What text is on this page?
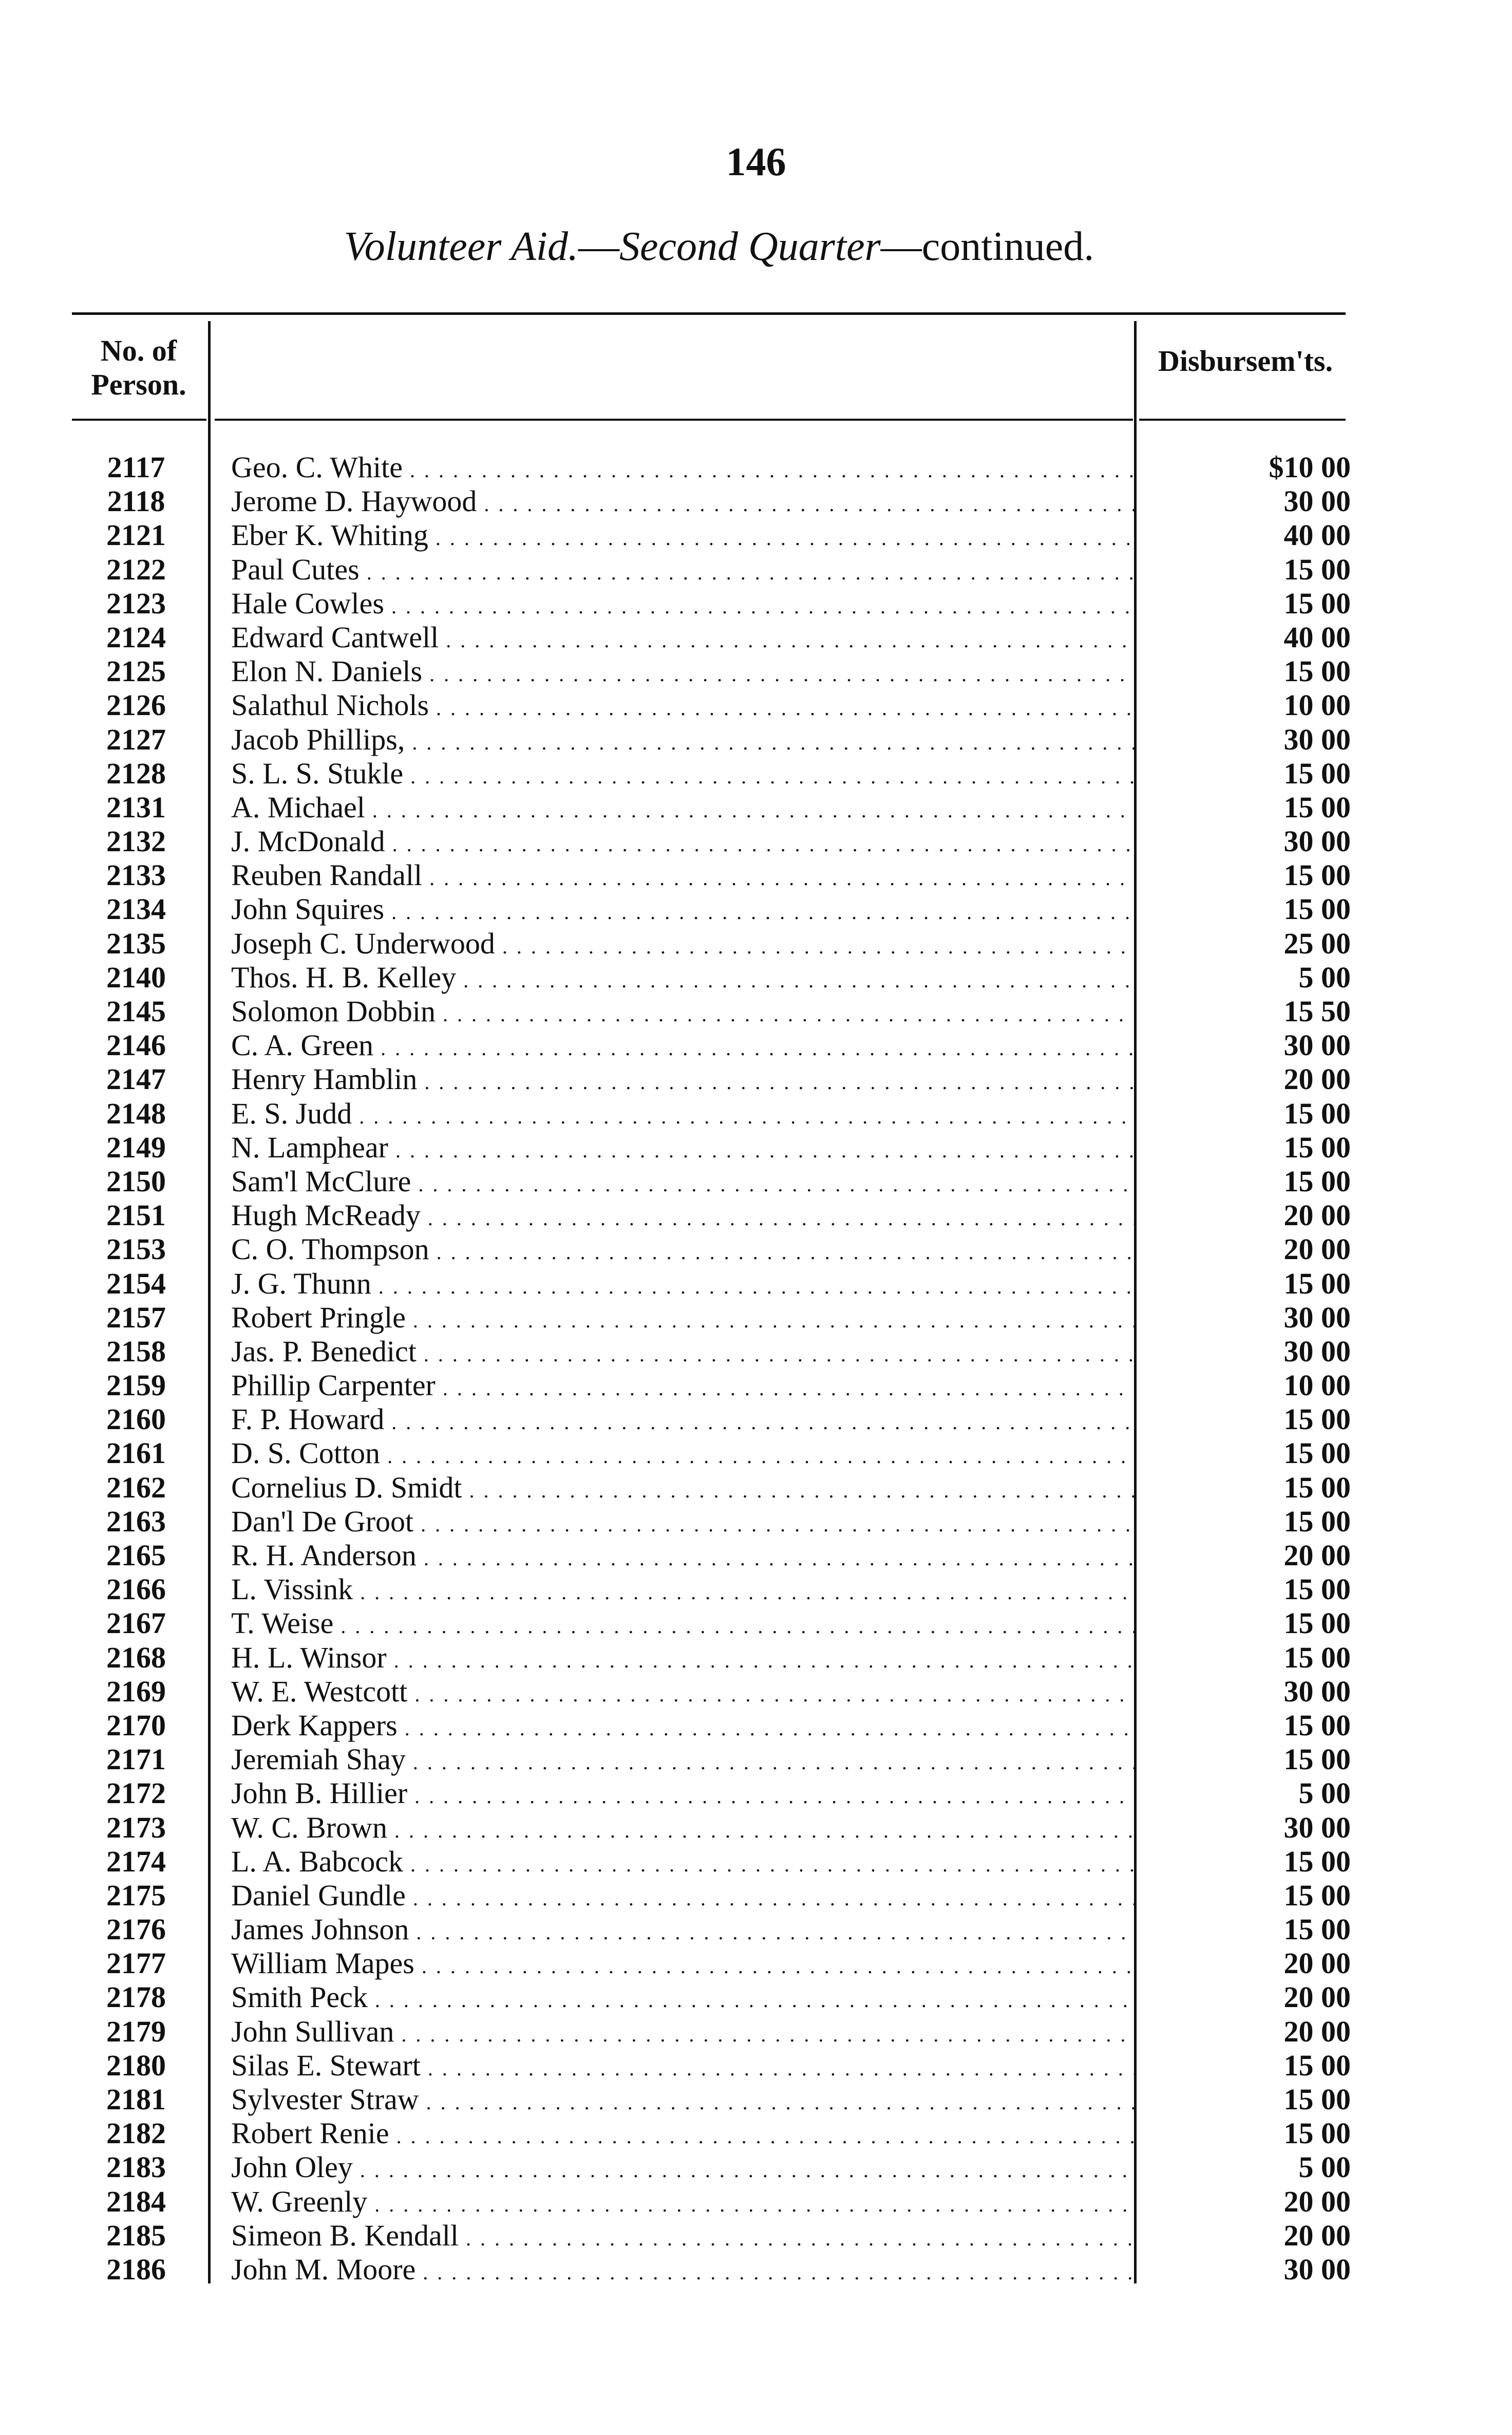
146
Volunteer Aid.—Second Quarter—continued.
No. of
Person.
Disbursem'ts.
2117	Geo. C. White . . .	$10 00
2118	Jerome D. Haywood . . .	30 00
2121	Eber K. Whiting . . .	40 00
2122	Paul Cutes . . .	15 00
2123	Hale Cowles . . .	15 00
2124	Edward Cantwell . . .	40 00
2125	Elon N. Daniels . . .	15 00
2126	Salathul Nichols . . .	10 00
2127	Jacob Phillips, . . .	30 00
2128	S. L. S. Stukle . . .	15 00
2131	A. Michael . . .	15 00
2132	J. McDonald . . .	30 00
2133	Reuben Randall . . .	15 00
2134	John Squires . . .	15 00
2135	Joseph C. Underwood . . .	25 00
2140	Thos. H. B. Kelley . . .	5 00
2145	Solomon Dobbin . . .	15 50
2146	C. A. Green . . .	30 00
2147	Henry Hamblin . . .	20 00
2148	E. S. Judd . . .	15 00
2149	N. Lamphear . . .	15 00
2150	Sam'l McClure . . .	15 00
2151	Hugh McReady . . .	20 00
2153	C. O. Thompson . . .	20 00
2154	J. G. Thunn . . .	15 00
2157	Robert Pringle . . .	30 00
2158	Jas. P. Benedict . . .	30 00
2159	Phillip Carpenter . . .	10 00
2160	F. P. Howard . . .	15 00
2161	D. S. Cotton . . .	15 00
2162	Cornelius D. Smidt . . .	15 00
2163	Dan'l De Groot . . .	15 00
2165	R. H. Anderson . . .	20 00
2166	L. Vissink . . .	15 00
2167	T. Weise . . .	15 00
2168	H. L. Winsor . . .	15 00
2169	W. E. Westcott . . .	30 00
2170	Derk Kappers . . .	15 00
2171	Jeremiah Shay . . .	15 00
2172	John B. Hillier . . .	5 00
2173	W. C. Brown . . .	30 00
2174	L. A. Babcock . . .	15 00
2175	Daniel Gundle . . .	15 00
2176	James Johnson . . .	15 00
2177	William Mapes . . .	20 00
2178	Smith Peck . . .	20 00
2179	John Sullivan . . .	20 00
2180	Silas E. Stewart . . .	15 00
2181	Sylvester Straw . . .	15 00
2182	Robert Renie . . .	15 00
2183	John Oley . . .	5 00
2184	W. Greenly . . .	20 00
2185	Simeon B. Kendall . . .	20 00
2186	John M. Moore . . .	30 00
